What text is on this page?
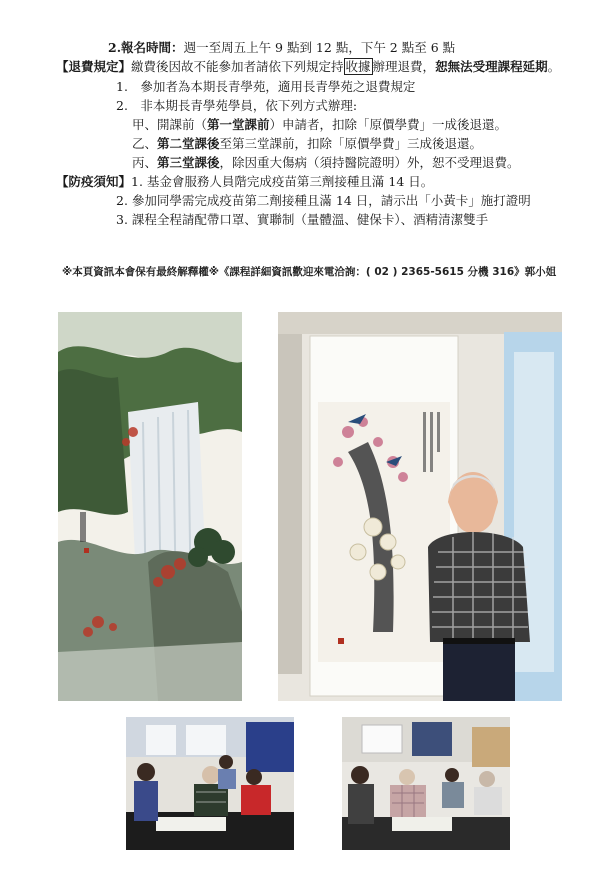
2.報名時間：週一至周五上午 9 點到 12 點，下午 2 點至 6 點
【退費規定】繳費後因故不能參加者請依下列規定持 收據 辦理退費，恕無法受理課程延期。
1.　參加者為本期長青學苑，適用長青學苑之退費規定
2.　非本期長青學苑學員，依下列方式辦理:
甲、開課前（第一堂課前）申請者，扣除「原價學費」一成後退還。
乙、第二堂課後至第三堂課前，扣除「原價學費」三成後退還。
丙、第三堂課後，除因重大傷病（須持醫院證明）外，恕不受理退費。
【防疫須知】1. 基金會服務人員階完成疫苗第三劑接種且滿 14 日。
2. 參加同學需完成疫苗第二劑接種且滿 14 日，請示出「小黃卡」施打證明
3. 課程全程請配帶口罩、實聯制（量體溫、健保卡）、酒精清潔雙手
※本頁資訊本會保有最終解釋權※《課程詳細資訊歡迎來電洽詢：( 02 ) 2365-5615 分機 316》郭小姐
